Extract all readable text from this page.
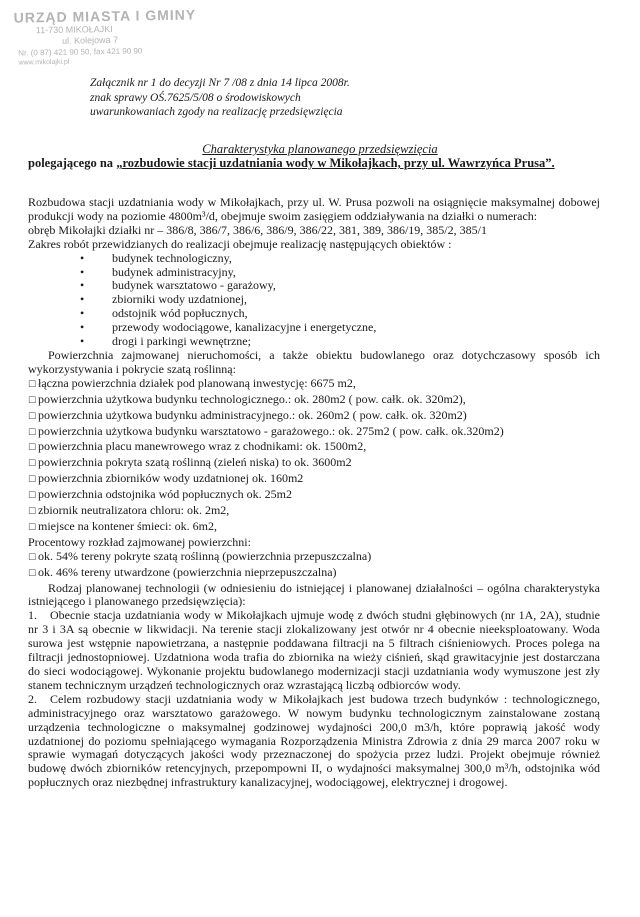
URZĄD MIASTA I GMINY
11-730 MIKOŁAJKI
ul. Kolejowa 7
Nr. (0 87) 421 90 50, fax 421 90 90
www.mikolajki.pl
Załącznik nr 1 do decyzji Nr 7 /08 z dnia 14 lipca 2008r.
znak sprawy OŚ.7625/5/08 o środowiskowych
uwarunkowaniach zgody na realizację przedsięwzięcia
Charakterystyka planowanego przedsięwzięcia
polegającego na „rozbudowie stacji uzdatniania wody w Mikołajkach, przy ul. Wawrzyńca Prusa”.

Rozbudowa stacji uzdatniania wody w Mikołajkach, przy ul. W. Prusa pozwoli na osiągnięcie maksymalnej dobowej produkcji wody na poziomie 4800m³/d, obejmuje swoim zasięgiem oddziaływania na działki o numerach:

obręb Mikołajki działki nr – 386/8, 386/7, 386/6, 386/9, 386/22, 381, 389, 386/19, 385/2, 385/1

Zakres robót przewidzianych do realizacji obejmuje realizację następujących obiektów :

•	budynek technologiczny,
•	budynek administracyjny,
•	budynek warsztatowo - garażowy,
•	zbiorniki wody uzdatnionej,
•	odstojnik wód popłucznych,
•	przewody wodociągowe, kanalizacyjne i energetyczne,
•	drogi i parkingi wewnętrzne;

Powierzchnia zajmowanej nieruchomości, a także obiektu budowlanego oraz dotychczasowy sposób ich wykorzystywania i pokrycie szatą roślinną:

☐ łączna powierzchnia działek pod planowaną inwestycję: 6675 m2,
☐ powierzchnia użytkowa budynku technologicznego.: ok. 280m2 ( pow. całk. ok. 320m2),
☐ powierzchnia użytkowa budynku administracyjnego.: ok. 260m2 ( pow. całk. ok. 320m2)
☐ powierzchnia użytkowa budynku warsztatowo - garażowego.: ok. 275m2 ( pow. całk. ok.320m2)
☐ powierzchnia placu manewrowego wraz z chodnikami: ok. 1500m2,
☐ powierzchnia pokryta szatą roślinną (zieleń niska) to ok. 3600m2
☐ powierzchnia zbiorników wody uzdatnionej ok. 160m2
☐ powierzchnia odstojnika wód popłucznych ok. 25m2
☐ zbiornik neutralizatora chloru: ok. 2m2,
☐ miejsce na kontener śmieci: ok. 6m2,

Procentowy rozkład zajmowanej powierzchni:

☐ ok. 54% tereny pokryte szatą roślinną (powierzchnia przepuszczalna)
☐ ok. 46% tereny utwardzone (powierzchnia nieprzepuszczalna)

Rodzaj planowanej technologii (w odniesieniu do istniejącej i planowanej działalności – ogólna charakterystyka istniejącego i planowanego przedsięwzięcia):

1. Obecnie stacja uzdatniania wody w Mikołajkach ujmuje wodę z dwóch studni głębinowych (nr 1A, 2A), studnie nr 3 i 3A są obecnie w likwidacji. Na terenie stacji zlokalizowany jest otwór nr 4 obecnie nieeksploatowany. Woda surowa jest wstępnie napowietrzana, a następnie poddawana filtracji na 5 filtrach ciśnieniowych. Proces polega na filtracji jednostopniowej. Uzdatniona woda trafia do zbiornika na wieży ciśnień, skąd grawitacyjnie jest dostarczana do sieci wodociągowej. Wykonanie projektu budowlanego modernizacji stacji uzdatniania wody wymuszone jest zły stanem technicznym urządzeń technologicznych oraz wzrastającą liczbą odbiorców wody.
2. Celem rozbudowy stacji uzdatniania wody w Mikołajkach jest budowa trzech budynków : technologicznego, administracyjnego oraz warsztatowo garażowego. W nowym budynku technologicznym zainstalowane zostaną urządzenia technologiczne o maksymalnej godzinowej wydajności 200,0 m3/h, które poprawią jakość wody uzdatnionej do poziomu spełniającego wymagania Rozporządzenia Ministra Zdrowia z dnia 29 marca 2007 roku w sprawie wymagań dotyczących jakości wody przeznaczonej do spożycia przez ludzi. Projekt obejmuje również budowę dwóch zbiorników retencyjnych, przepompowni II, o wydajności maksymalnej 300,0 m³/h, odstojnika wód popłucznych oraz niezbędnej infrastruktury kanalizacyjnej, wodociągowej, elektrycznej i drogowej.
